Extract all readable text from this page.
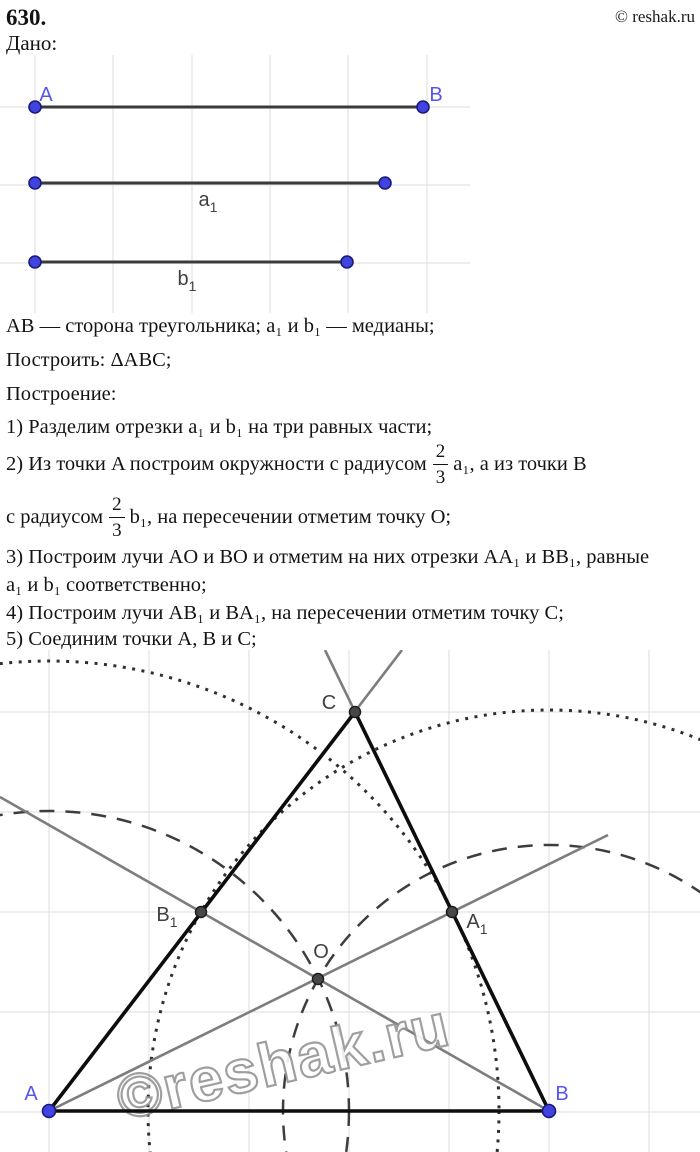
630.	© reshak.ru
Дано:
A	B
$a_1$
$b_1$
AB — сторона треугольника; a₁ и b₁ — медианы;
Построить: ΔABC;
Построение:
1) Разделим отрезки a₁ и b₁ на три равных части;
2) Из точки A построим окружности с радиусом $\frac{2}{3} a_1$, а из точки B
с радиусом $\frac{2}{3} b_1$, на пересечении отметим точку O;
3) Построим лучи AO и BO и отметим на них отрезки AA₁ и BB₁, равные
a₁ и b₁ соответственно;
4) Построим лучи AB₁ и BA₁, на пересечении отметим точку C;
5) Соединим точки A, B и C;
©reshak.ru
A	B
C
O
$B_1$	$A_1$
